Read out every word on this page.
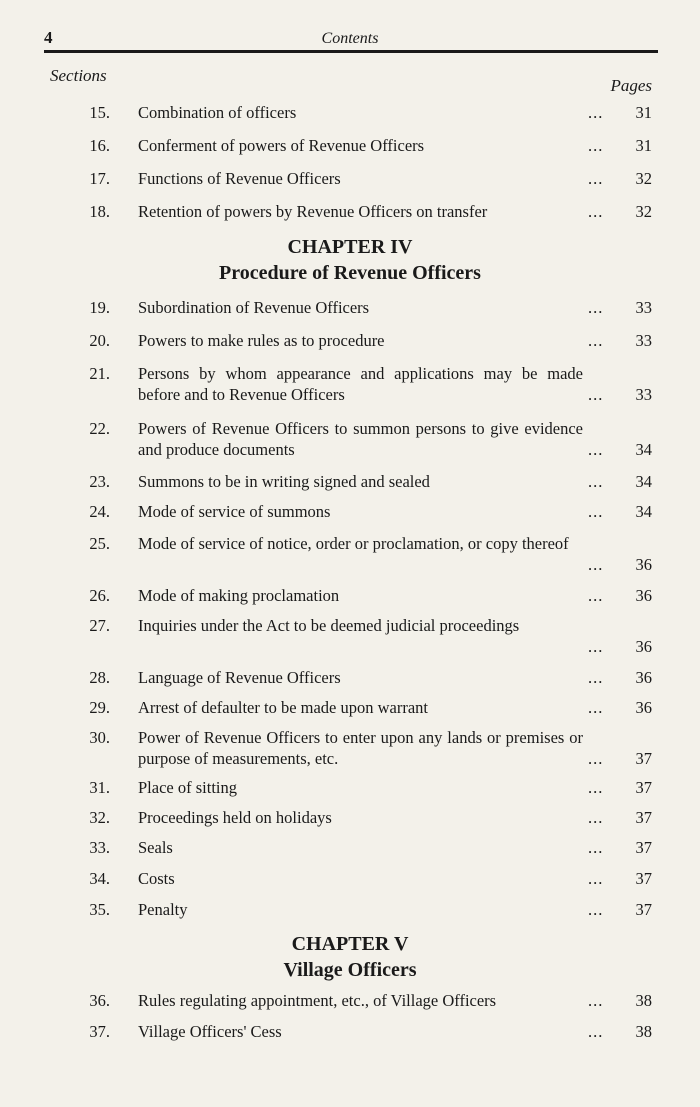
4	Contents
Sections
Pages
15. Combination of officers	...	31
16. Conferment of powers of Revenue Officers	...	31
17. Functions of Revenue Officers	...	32
18. Retention of powers by Revenue Officers on transfer	...	32
CHAPTER IV
Procedure of Revenue Officers
19. Subordination of Revenue Officers	...	33
20. Powers to make rules as to procedure	...	33
21. Persons by whom appearance and applications may be made before and to Revenue Officers	...	33
22. Powers of Revenue Officers to summon persons to give evidence and produce documents	...	34
23. Summons to be in writing signed and sealed	...	34
24. Mode of service of summons	...	34
25. Mode of service of notice, order or proclamation, or copy thereof
...	36
26. Mode of making proclamation	...	36
27. Inquiries under the Act to be deemed judicial proceedings
...	36
28. Language of Revenue Officers	...	36
29. Arrest of defaulter to be made upon warrant	...	36
30. Power of Revenue Officers to enter upon any lands or premises or purpose of measurements, etc.	...	37
31. Place of sitting	...	37
32. Proceedings held on holidays	...	37
33. Seals	...	37
34. Costs	...	37
35. Penalty	...	37
CHAPTER V
Village Officers
36. Rules regulating appointment, etc., of Village Officers	...	38
37. Village Officers' Cess	...	38
